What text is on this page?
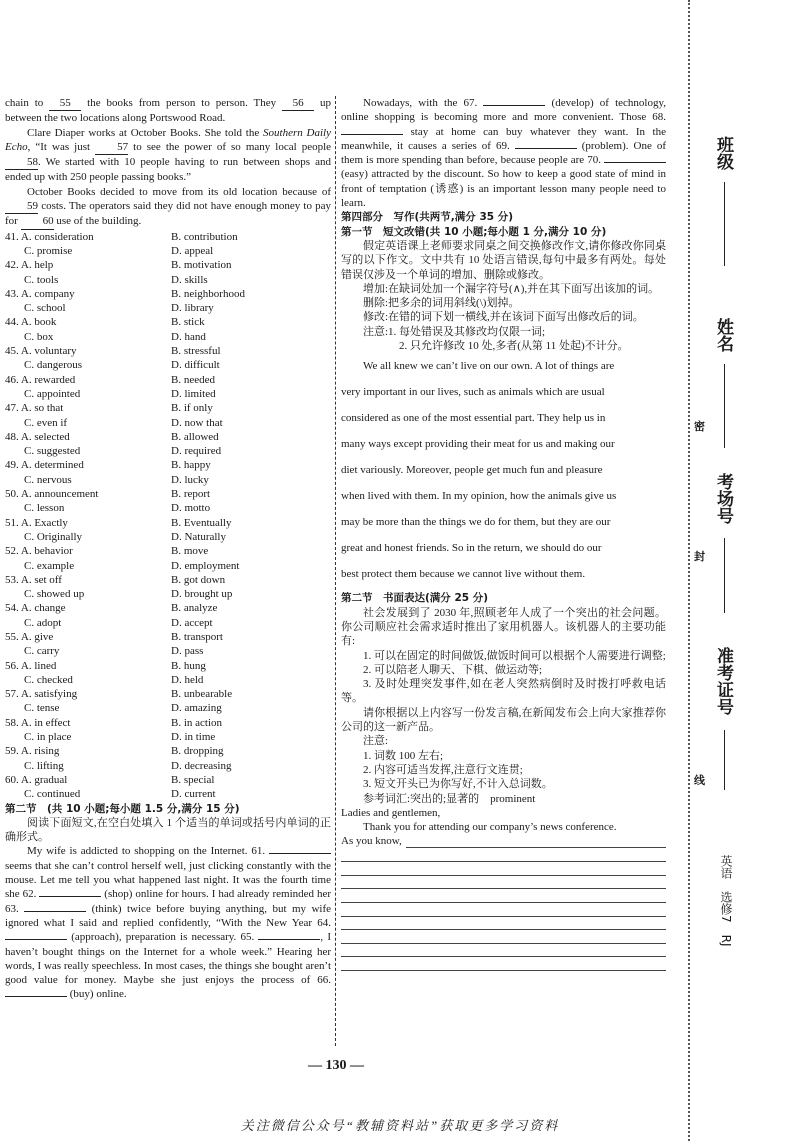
chain to 55 the books from person to person. They 56 up between the two locations along Portswood Road.

Clare Diaper works at October Books. She told the Southern Daily Echo, “It was just 57 to see the power of so many local people 58. We started with 10 people having to run between shops and ended up with 250 people passing books.”

October Books decided to move from its old location because of 59 costs. The operators said they did not have enough money to pay for 60 use of the building.

41. A. consideration	B. contribution
C. promise	D. appeal
42. A. help	B. motivation
C. tools	D. skills
43. A. company	B. neighborhood
C. school	D. library
44. A. book	B. stick
C. box	D. hand
45. A. voluntary	B. stressful
C. dangerous	D. difficult
46. A. rewarded	B. needed
C. appointed	D. limited
47. A. so that	B. if only
C. even if	D. now that
48. A. selected	B. allowed
C. suggested	D. required
49. A. determined	B. happy
C. nervous	D. lucky
50. A. announcement	B. report
C. lesson	D. motto
51. A. Exactly	B. Eventually
C. Originally	D. Naturally
52. A. behavior	B. move
C. example	D. employment
53. A. set off	B. got down
C. showed up	D. brought up
54. A. change	B. analyze
C. adopt	D. accept
55. A. give	B. transport
C. carry	D. pass
56. A. lined	B. hung
C. checked	D. held
57. A. satisfying	B. unbearable
C. tense	D. amazing
58. A. in effect	B. in action
C. in place	D. in time
59. A. rising	B. dropping
C. lifting	D. decreasing
60. A. gradual	B. special
C. continued	D. current

第二节　(共 10 小题;每小题 1.5 分,满分 15 分)

阅读下面短文,在空白处填入 1 个适当的单词或括号内单词的正确形式。

My wife is addicted to shopping on the Internet. 61.  seems that she can’t control herself well, just clicking constantly with the mouse. Let me tell you what happened last night. It was the fourth time she 62.	(shop) online for hours. I had already reminded her 63.	(think) twice before buying anything, but my wife ignored what I said and replied confidently, “With the New Year 64.  (approach), preparation is necessary. 65.	, I haven’t bought things on the Internet for a whole week.” Hearing her words, I was really speechless. In most cases, the things she bought aren’t good value for money. Maybe she just enjoys the process of 66.  (buy) online.

Nowadays, with the 67.	(develop) of technology, online shopping is becoming more and more convenient. Those 68.  stay at home can buy whatever they want. In the meanwhile, it causes a series of 69.	(problem). One of them is more spending than before, because people are 70.  (easy) attracted by the discount. So how to keep a good state of mind in front of temptation (诱惑) is an important lesson many people need to learn.

第四部分　写作(共两节,满分 35 分)

第一节　短文改错(共 10 小题;每小题 1 分,满分 10 分)

假定英语课上老师要求同桌之间交换修改作文,请你修改你同桌写的以下作文。文中共有 10 处语言错误,每句中最多有两处。每处错误仅涉及一个单词的增加、删除或修改。

增加:在缺词处加一个漏字符号(∧),并在其下面写出该加的词。

删除:把多余的词用斜线(\)划掉。

修改:在错的词下划一横线,并在该词下面写出修改后的词。

注意:1. 每处错误及其修改均仅限一词;

2. 只允许修改 10 处,多者(从第 11 处起)不计分。

We all knew we can’t live on our own. A lot of things are

very important in our lives, such as animals which are usual

considered as one of the most essential part. They help us in

many ways except providing their meat for us and making our

diet variously. Moreover, people get much fun and pleasure

when lived with them. In my opinion, how the animals give us

may be more than the things we do for them, but they are our

great and honest friends. So in the return, we should do our

best protect them because we cannot live without them.

第二节　书面表达(满分 25 分)

社会发展到了 2030 年,照顾老年人成了一个突出的社会问题。你公司顺应社会需求适时推出了家用机器人。该机器人的主要功能有:

1. 可以在固定的时间做饭,做饭时间可以根据个人需要进行调整;

2. 可以陪老人聊天、下棋、做运动等;

3. 及时处理突发事件,如在老人突然病倒时及时拨打呼救电话等。

请你根据以上内容写一份发言稿,在新闻发布会上向大家推荐你公司的这一新产品。

注意:

1. 词数 100 左右;

2. 内容可适当发挥,注意行文连贯;

3. 短文开头已为你写好,不计入总词数。

参考词汇:突出的;显著的　prominent

Ladies and gentlemen,

Thank you for attending our company’s news conference.

As you know,
— 130 —
关注微信公众号“教辅资料站”获取更多学习资料
密
封
线
班级
姓名
考场号
准考证号
英语　选修7　RJ
